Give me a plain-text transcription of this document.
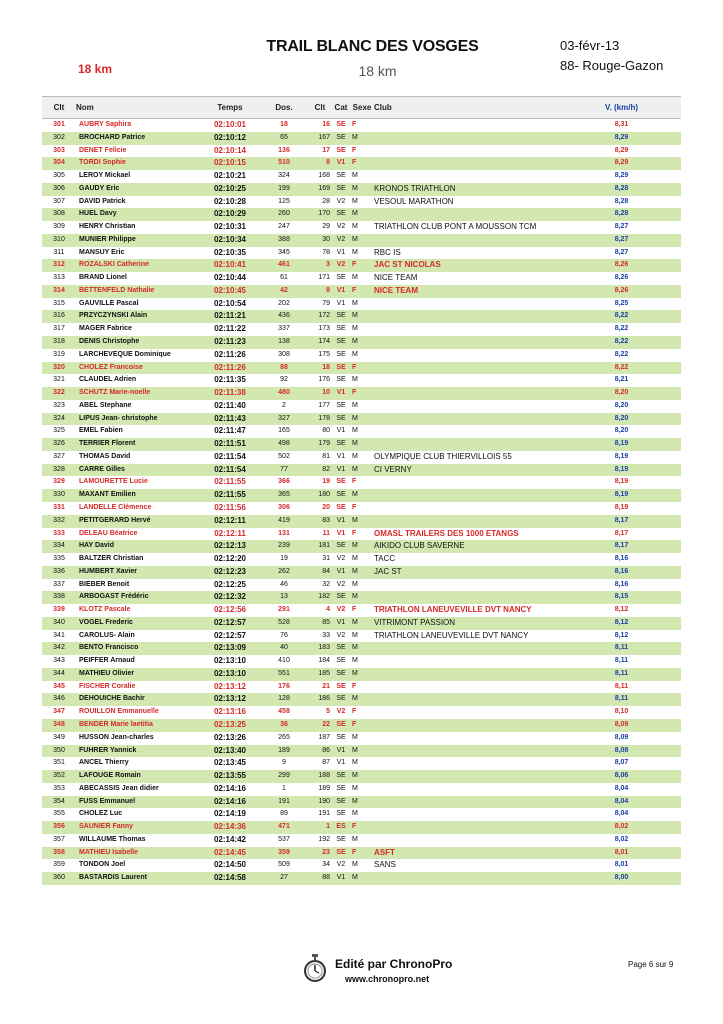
TRAIL BLANC DES VOSGES
18 km
18 km
03-févr-13
88- Rouge-Gazon
Clt	Nom	Temps	Dos.	Clt	Cat	Sexe	Club	V. (km/h)
301	AUBRY Saphira	02:10:01	18	16	SE	F		8,31
302	BROCHARD Patrice	02:10:12	65	167	SE	M		8,29
303	DENET Felicie	02:10:14	136	17	SE	F		8,29
304	TORDI Sophie	02:10:15	510	8	V1	F		8,29
305	LEROY Mickael	02:10:21	324	168	SE	M		8,29
306	GAUDY Eric	02:10:25	199	169	SE	M	KRONOS TRIATHLON	8,28
307	DAVID Patrick	02:10:28	125	28	V2	M	VESOUL MARATHON	8,28
308	HUEL Davy	02:10:29	260	170	SE	M		8,28
309	HENRY Christian	02:10:31	247	29	V2	M	TRIATHLON CLUB PONT A MOUSSON TCM	8,27
310	MUNIER Philippe	02:10:34	388	30	V2	M		8,27
311	MANSUY Eric	02:10:35	345	78	V1	M	RBC IS	8,27
312	ROZALSKI Catherine	02:10:41	461	3	V2	F	JAC ST NICOLAS	8,26
313	BRAND Lionel	02:10:44	61	171	SE	M	NICE TEAM	8,26
314	BETTENFELD Nathalie	02:10:45	42	9	V1	F	NICE TEAM	8,26
315	GAUVILLE Pascal	02:10:54	202	79	V1	M		8,25
316	PRZYCZYNSKI Alain	02:11:21	436	172	SE	M		8,22
317	MAGER Fabrice	02:11:22	337	173	SE	M		8,22
318	DENIS Christophe	02:11:23	138	174	SE	M		8,22
319	LARCHEVEQUE Dominique	02:11:26	308	175	SE	M		8,22
320	CHOLEZ Francoise	02:11:26	88	18	SE	F		8,22
321	CLAUDEL Adrien	02:11:35	92	176	SE	M		8,21
322	SCHUTZ Marie-noelle	02:11:38	480	10	V1	F		8,20
323	ABEL Stephane	02:11:40	2	177	SE	M		8,20
324	LIPUS Jean- christophe	02:11:43	327	178	SE	M		8,20
325	EMEL Fabien	02:11:47	165	80	V1	M		8,20
326	TERRIER Florent	02:11:51	498	179	SE	M		8,19
327	THOMAS David	02:11:54	502	81	V1	M	OLYMPIQUE CLUB THIERVILLOIS 55	8,19
328	CARRE Gilles	02:11:54	77	82	V1	M	CI VERNY	8,19
329	LAMOURETTE Lucie	02:11:55	366	19	SE	F		8,19
330	MAXANT Emilien	02:11:55	365	180	SE	M		8,19
331	LANDELLE Clémence	02:11:56	306	20	SE	F		8,19
332	PETITGERARD Hervé	02:12:11	419	83	V1	M		8,17
333	DELEAU Béatrice	02:12:11	131	11	V1	F	OMASL TRAILERS DES 1000 ETANGS	8,17
334	HAY David	02:12:13	239	181	SE	M	AIKIDO CLUB SAVERNE	8,17
335	BALTZER Christian	02:12:20	19	31	V2	M	TACC	8,16
336	HUMBERT Xavier	02:12:23	262	84	V1	M	JAC ST	8,16
337	BIEBER Benoit	02:12:25	46	32	V2	M		8,16
338	ARBOGAST Frédéric	02:12:32	13	182	SE	M		8,15
339	KLOTZ Pascale	02:12:56	291	4	V2	F	TRIATHLON LANEUVEVILLE DVT NANCY	8,12
340	VOGEL Frederic	02:12:57	528	85	V1	M	VITRIMONT PASSION	8,12
341	CAROLUS- Alain	02:12:57	76	33	V2	M	TRIATHLON LANEUVEVILLE DVT NANCY	8,12
342	BENTO Francisco	02:13:09	40	183	SE	M		8,11
343	PEIFFER Arnaud	02:13:10	410	184	SE	M		8,11
344	MATHIEU Olivier	02:13:10	551	185	SE	M		8,11
345	FISCHER Coralie	02:13:12	176	21	SE	F		8,11
346	DEHOUICHE Bachir	02:13:12	128	186	SE	M		8,11
347	ROUILLON Emmanuelle	02:13:16	458	5	V2	F		8,10
348	BENDER Marie laetitia	02:13:25	36	22	SE	F		8,09
349	HUSSON Jean-charles	02:13:26	265	187	SE	M		8,09
350	FUHRER Yannick	02:13:40	189	86	V1	M		8,08
351	ANCEL Thierry	02:13:45	9	87	V1	M		8,07
352	LAFOUGE Romain	02:13:55	299	188	SE	M		8,06
353	ABECASSIS Jean didier	02:14:16	1	189	SE	M		8,04
354	FUSS Emmanuel	02:14:16	191	190	SE	M		8,04
355	CHOLEZ Luc	02:14:19	89	191	SE	M		8,04
356	SAUNIER Fanny	02:14:36	471	1	ES	F		8,02
357	WILLAUME Thomas	02:14:42	537	192	SE	M		8,02
358	MATHIEU Isabelle	02:14:45	359	23	SE	F	ASFT	8,01
359	TONDON Joel	02:14:50	509	34	V2	M	SANS	8,01
360	BASTARDIS Laurent	02:14:58	27	88	V1	M		8,00
Edité par ChronoPro
www.chronopro.net
Page 6 sur 9
